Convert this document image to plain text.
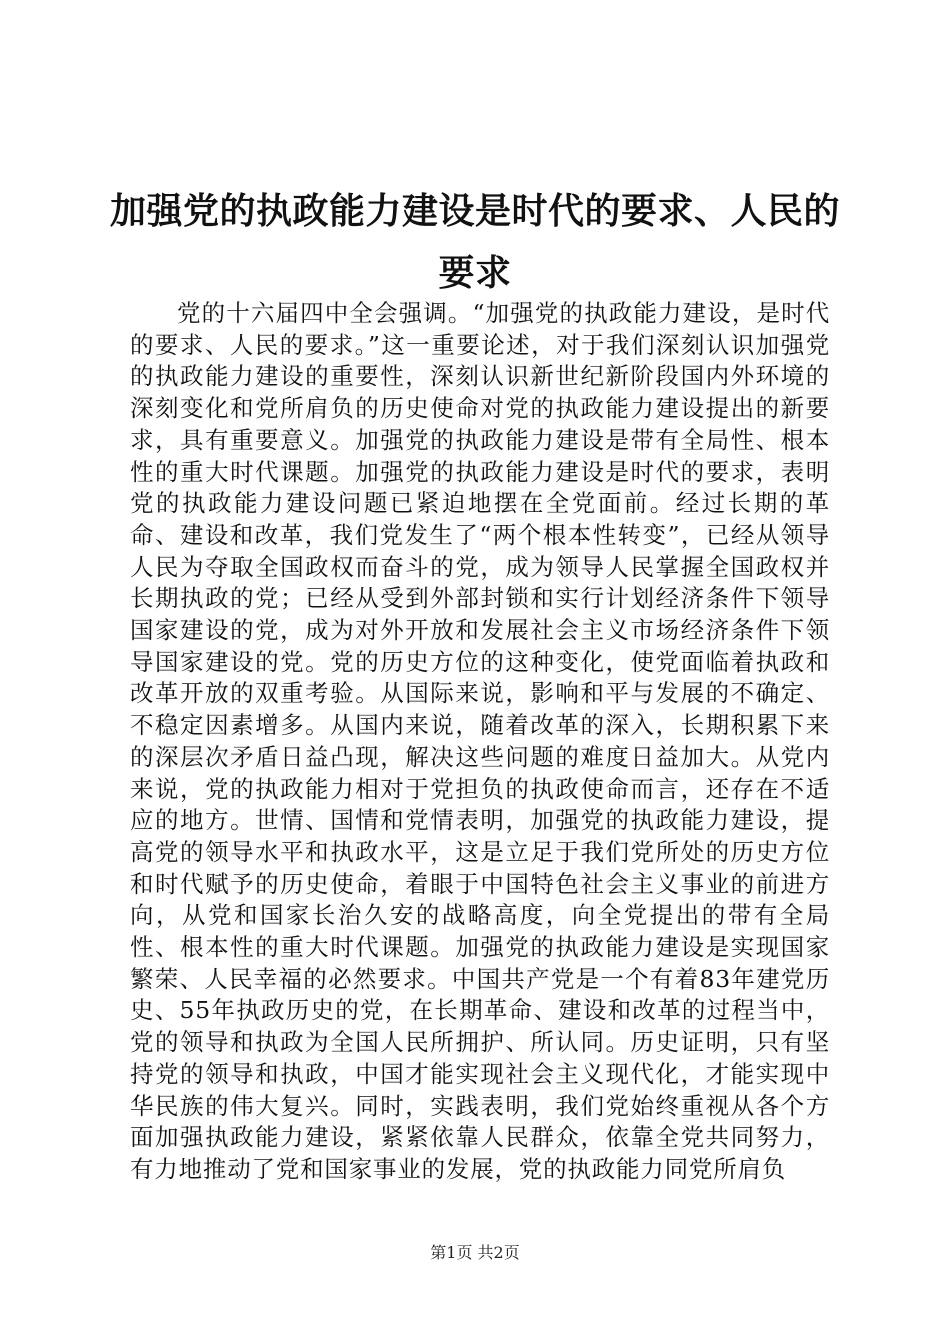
加强党的执政能力建设是时代的要求、人民的要求

党的十六届四中全会强调。“加强党的执政能力建设，是时代的要求、人民的要求。”这一重要论述，对于我们深刻认识加强党的执政能力建设的重要性，深刻认识新世纪新阶段国内外环境的深刻变化和党所肩负的历史使命对党的执政能力建设提出的新要求，具有重要意义。加强党的执政能力建设是带有全局性、根本性的重大时代课题。加强党的执政能力建设是时代的要求，表明党的执政能力建设问题已紧迫地摆在全党面前。经过长期的革命、建设和改革，我们党发生了“两个根本性转变”，已经从领导人民为夺取全国政权而奋斗的党，成为领导人民掌握全国政权并长期执政的党；已经从受到外部封锁和实行计划经济条件下领导国家建设的党，成为对外开放和发展社会主义市场经济条件下领导国家建设的党。党的历史方位的这种变化，使党面临着执政和改革开放的双重考验。从国际来说，影响和平与发展的不确定、不稳定因素增多。从国内来说，随着改革的深入，长期积累下来的深层次矛盾日益凸现，解决这些问题的难度日益加大。从党内来说，党的执政能力相对于党担负的执政使命而言，还存在不适应的地方。世情、国情和党情表明，加强党的执政能力建设，提高党的领导水平和执政水平，这是立足于我们党所处的历史方位和时代赋予的历史使命，着眼于中国特色社会主义事业的前进方向，从党和国家长治久安的战略高度，向全党提出的带有全局性、根本性的重大时代课题。加强党的执政能力建设是实现国家繁荣、人民幸福的必然要求。中国共产党是一个有着83年建党历史、55年执政历史的党，在长期革命、建设和改革的过程当中，党的领导和执政为全国人民所拥护、所认同。历史证明，只有坚持党的领导和执政，中国才能实现社会主义现代化，才能实现中华民族的伟大复兴。同时，实践表明，我们党始终重视从各个方面加强执政能力建设，紧紧依靠人民群众，依靠全党共同努力，有力地推动了党和国家事业的发展，党的执政能力同党所肩负

第1页 共2页
